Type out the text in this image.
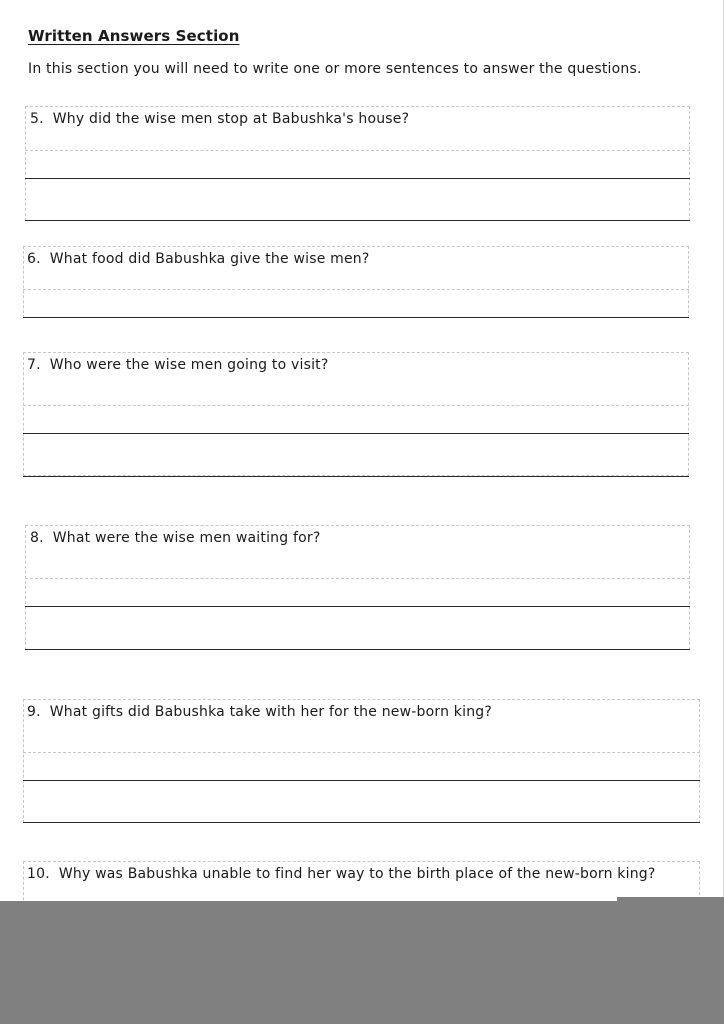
Written Answers Section
In this section you will need to write one or more sentences to answer the questions.
5. Why did the wise men stop at Babushka's house?
6. What food did Babushka give the wise men?
7. Who were the wise men going to visit?
8. What were the wise men waiting for?
9. What gifts did Babushka take with her for the new-born king?
10. Why was Babushka unable to find her way to the birth place of the new-born king?
